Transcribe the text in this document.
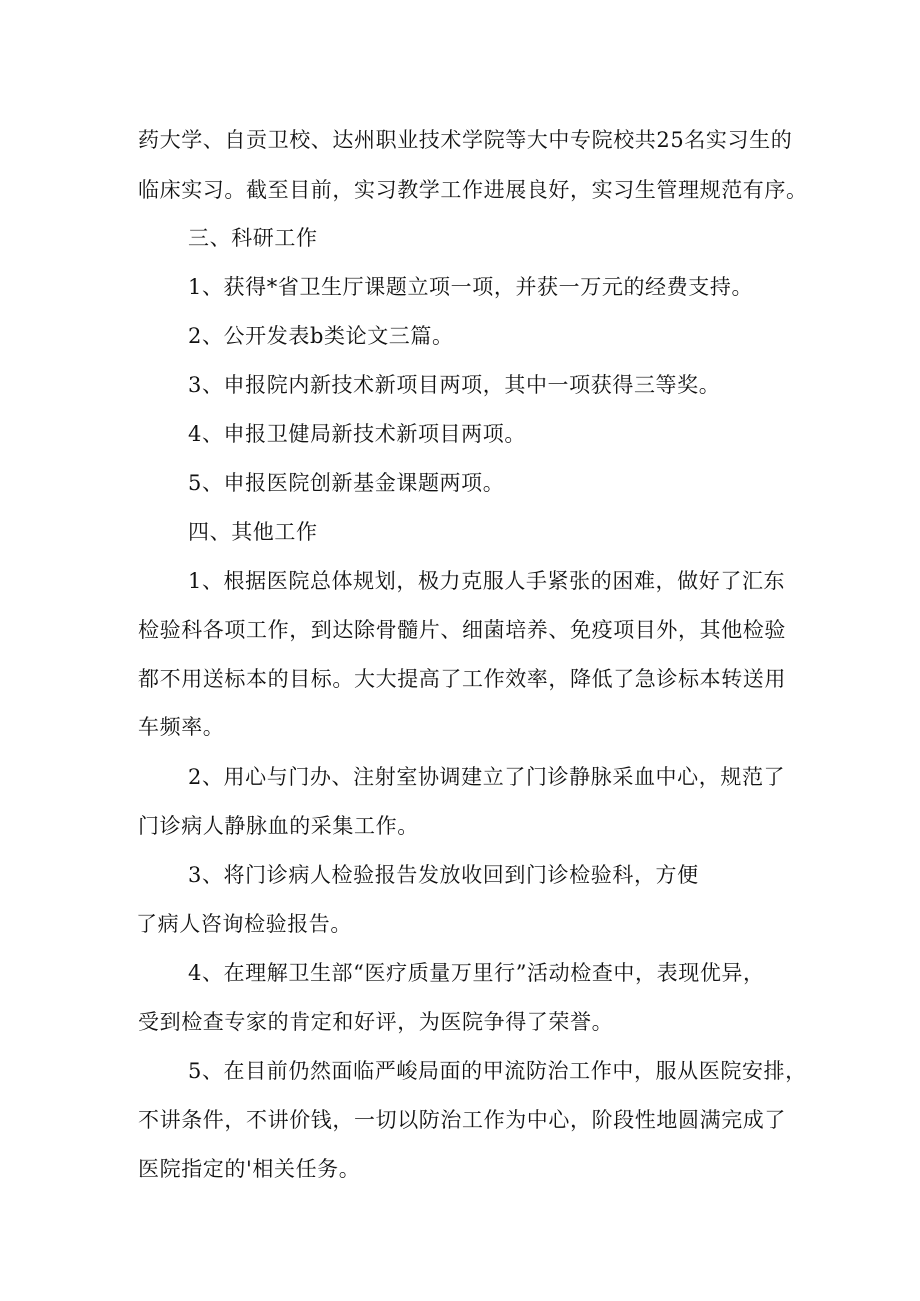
药大学、自贡卫校、达州职业技术学院等大中专院校共25名实习生的
临床实习。截至目前，实习教学工作进展良好，实习生管理规范有序。
三、科研工作
1、获得*省卫生厅课题立项一项，并获一万元的经费支持。
2、公开发表b类论文三篇。
3、申报院内新技术新项目两项，其中一项获得三等奖。
4、申报卫健局新技术新项目两项。
5、申报医院创新基金课题两项。
四、其他工作
1、根据医院总体规划，极力克服人手紧张的困难，做好了汇东
检验科各项工作，到达除骨髓片、细菌培养、免疫项目外，其他检验
都不用送标本的目标。大大提高了工作效率，降低了急诊标本转送用
车频率。
2、用心与门办、注射室协调建立了门诊静脉采血中心，规范了
门诊病人静脉血的采集工作。
3、将门诊病人检验报告发放收回到门诊检验科，方便
了病人咨询检验报告。
4、在理解卫生部“医疗质量万里行”活动检查中，表现优异，
受到检查专家的肯定和好评，为医院争得了荣誉。
5、在目前仍然面临严峻局面的甲流防治工作中，服从医院安排，
不讲条件，不讲价钱，一切以防治工作为中心，阶段性地圆满完成了
医院指定的'相关任务。
